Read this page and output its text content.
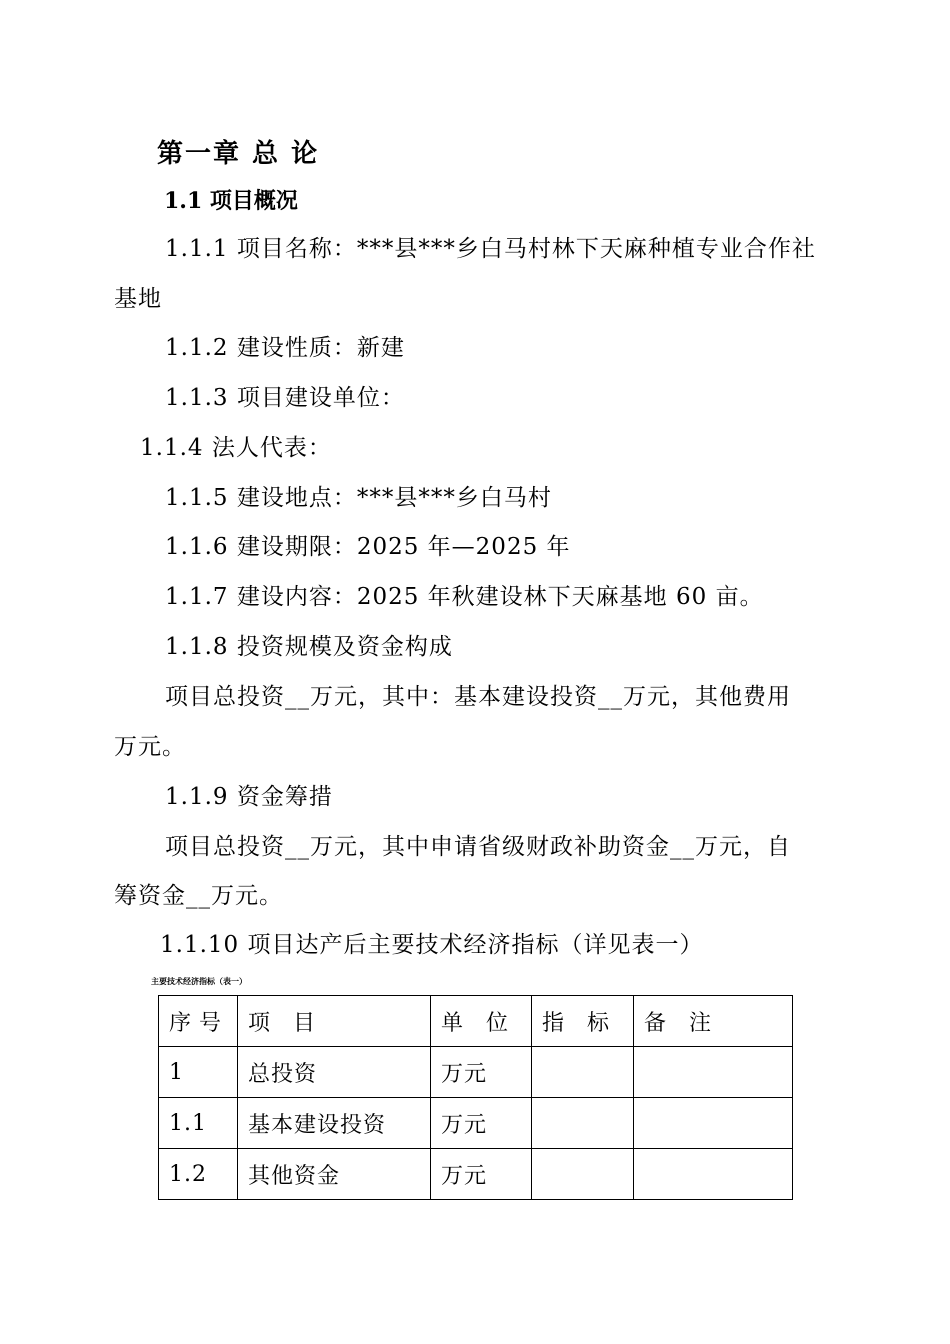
第一章 总 论
1.1 项目概况
1.1.1 项目名称：***县***乡白马村林下天麻种植专业合作社
基地
1.1.2 建设性质：新建
1.1.3 项目建设单位：
1.1.4 法人代表：
1.1.5 建设地点：***县***乡白马村
1.1.6 建设期限：2025 年—2025 年
1.1.7 建设内容：2025 年秋建设林下天麻基地 60 亩。
1.1.8 投资规模及资金构成
项目总投资__万元，其中：基本建设投资__万元，其他费用
万元。
1.1.9 资金筹措
项目总投资__万元，其中申请省级财政补助资金__万元，自
筹资金__万元。
1.1.10 项目达产后主要技术经济指标（详见表一）
主要技术经济指标（表一）
序号	项 目	单 位	指 标	备 注
1	总投资	万元		
1.1	基本建设投资	万元		
1.2	其他资金	万元		
